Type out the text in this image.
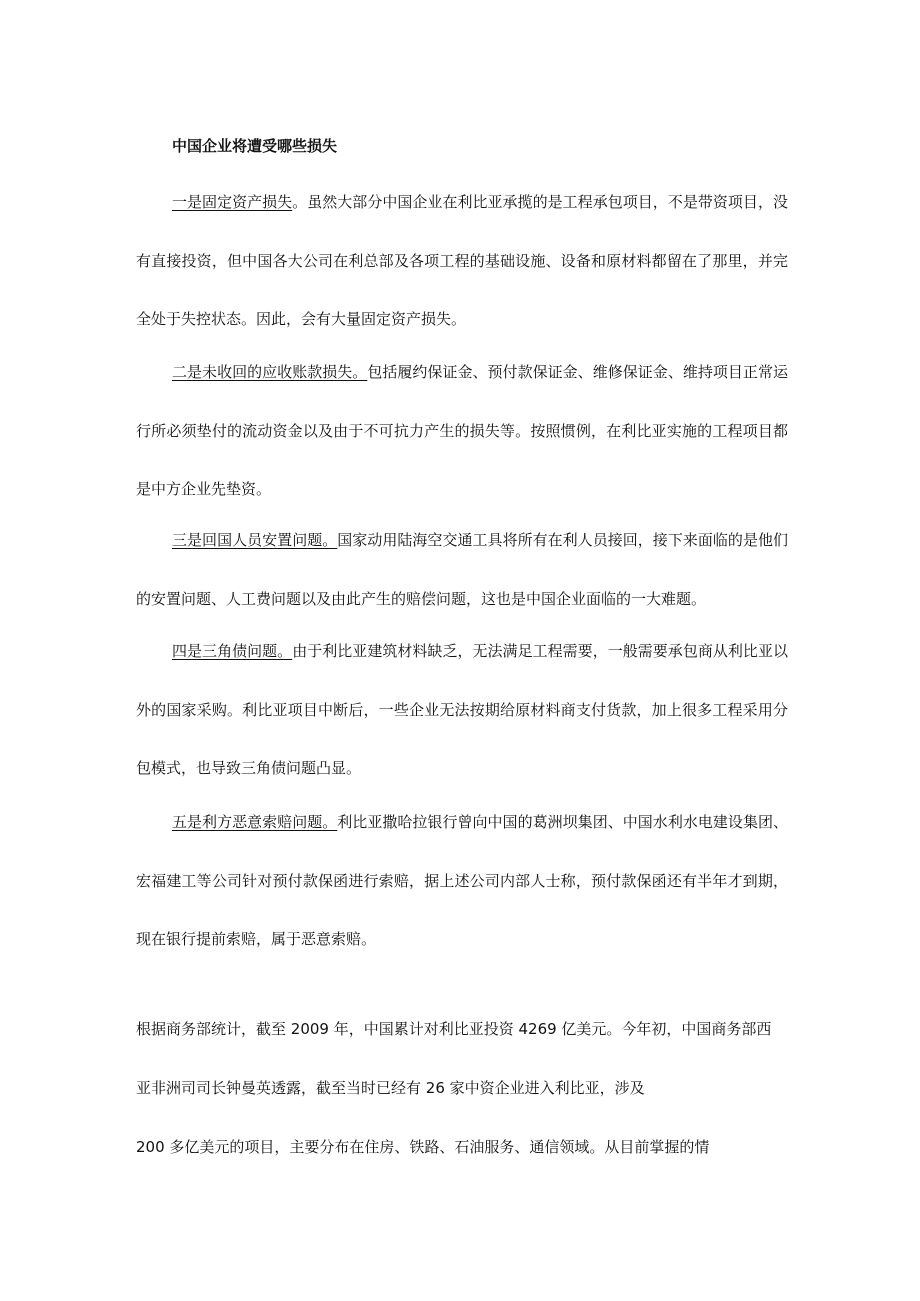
中国企业将遭受哪些损失

一是固定资产损失。虽然大部分中国企业在利比亚承揽的是工程承包项目，不是带资项目，没有直接投资，但中国各大公司在利总部及各项工程的基础设施、设备和原材料都留在了那里，并完全处于失控状态。因此，会有大量固定资产损失。

二是未收回的应收账款损失。包括履约保证金、预付款保证金、维修保证金、维持项目正常运行所必须垫付的流动资金以及由于不可抗力产生的损失等。按照惯例，在利比亚实施的工程项目都是中方企业先垫资。

三是回国人员安置问题。国家动用陆海空交通工具将所有在利人员接回，接下来面临的是他们的安置问题、人工费问题以及由此产生的赔偿问题，这也是中国企业面临的一大难题。

四是三角债问题。由于利比亚建筑材料缺乏，无法满足工程需要，一般需要承包商从利比亚以外的国家采购。利比亚项目中断后，一些企业无法按期给原材料商支付货款，加上很多工程采用分包模式，也导致三角债问题凸显。

五是利方恶意索赔问题。利比亚撒哈拉银行曾向中国的葛洲坝集团、中国水利水电建设集团、宏福建工等公司针对预付款保函进行索赔，据上述公司内部人士称，预付款保函还有半年才到期，现在银行提前索赔，属于恶意索赔。

根据商务部统计，截至 2009 年，中国累计对利比亚投资 4269 亿美元。今年初，中国商务部西

亚非洲司司长钟曼英透露，截至当时已经有 26 家中资企业进入利比亚，涉及

200 多亿美元的项目，主要分布在住房、铁路、石油服务、通信领域。从目前掌握的情
